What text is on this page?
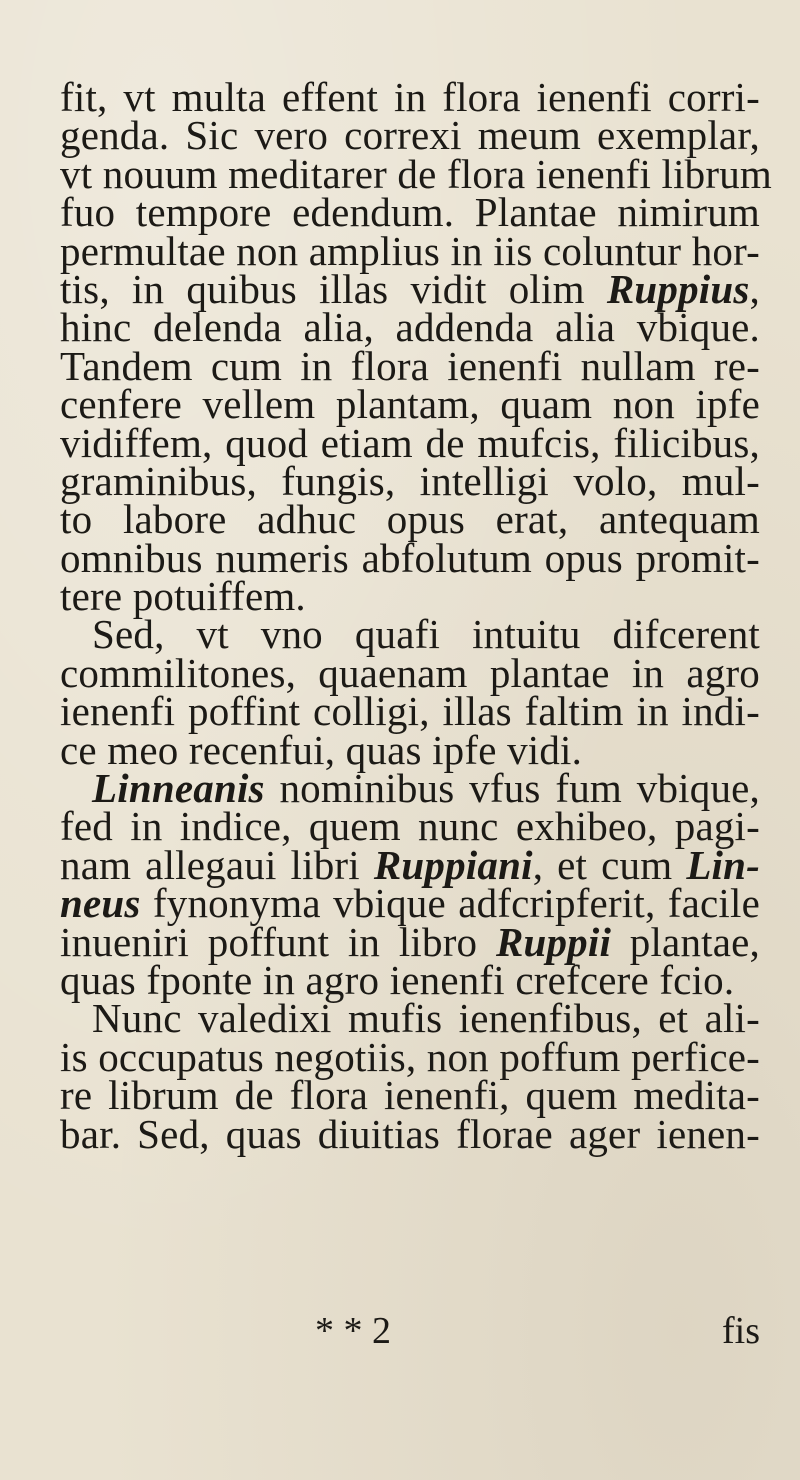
fit, vt multa effent in flora ienenfi corri-
genda. Sic vero correxi meum exemplar,
vt nouum meditarer de flora ienenfi librum
fuo tempore edendum. Plantae nimirum
permultae non amplius in iis coluntur hor-
tis, in quibus illas vidit olim Ruppius,
hinc delenda alia, addenda alia vbique.
Tandem cum in flora ienenfi nullam re-
cenfere vellem plantam, quam non ipfe
vidiffem, quod etiam de mufcis, filicibus,
graminibus, fungis, intelligi volo, mul-
to labore adhuc opus erat, antequam
omnibus numeris abfolutum opus promit-
tere potuiffem.
Sed, vt vno quafi intuitu difcerent
commilitones, quaenam plantae in agro
ienenfi poffint colligi, illas faltim in indi-
ce meo recenfui, quas ipfe vidi.
Linneanis nominibus vfus fum vbique,
fed in indice, quem nunc exhibeo, pagi-
nam allegaui libri Ruppiani, et cum Lin-
neus fynonyma vbique adfcripferit, facile
inueniri poffunt in libro Ruppii plantae,
quas fponte in agro ienenfi crefcere fcio.
Nunc valedixi mufis ienenfibus, et ali-
is occupatus negotiis, non poffum perfice-
re librum de flora ienenfi, quem medita-
bar. Sed, quas diuitias florae ager ienen-
* * 2	fis
